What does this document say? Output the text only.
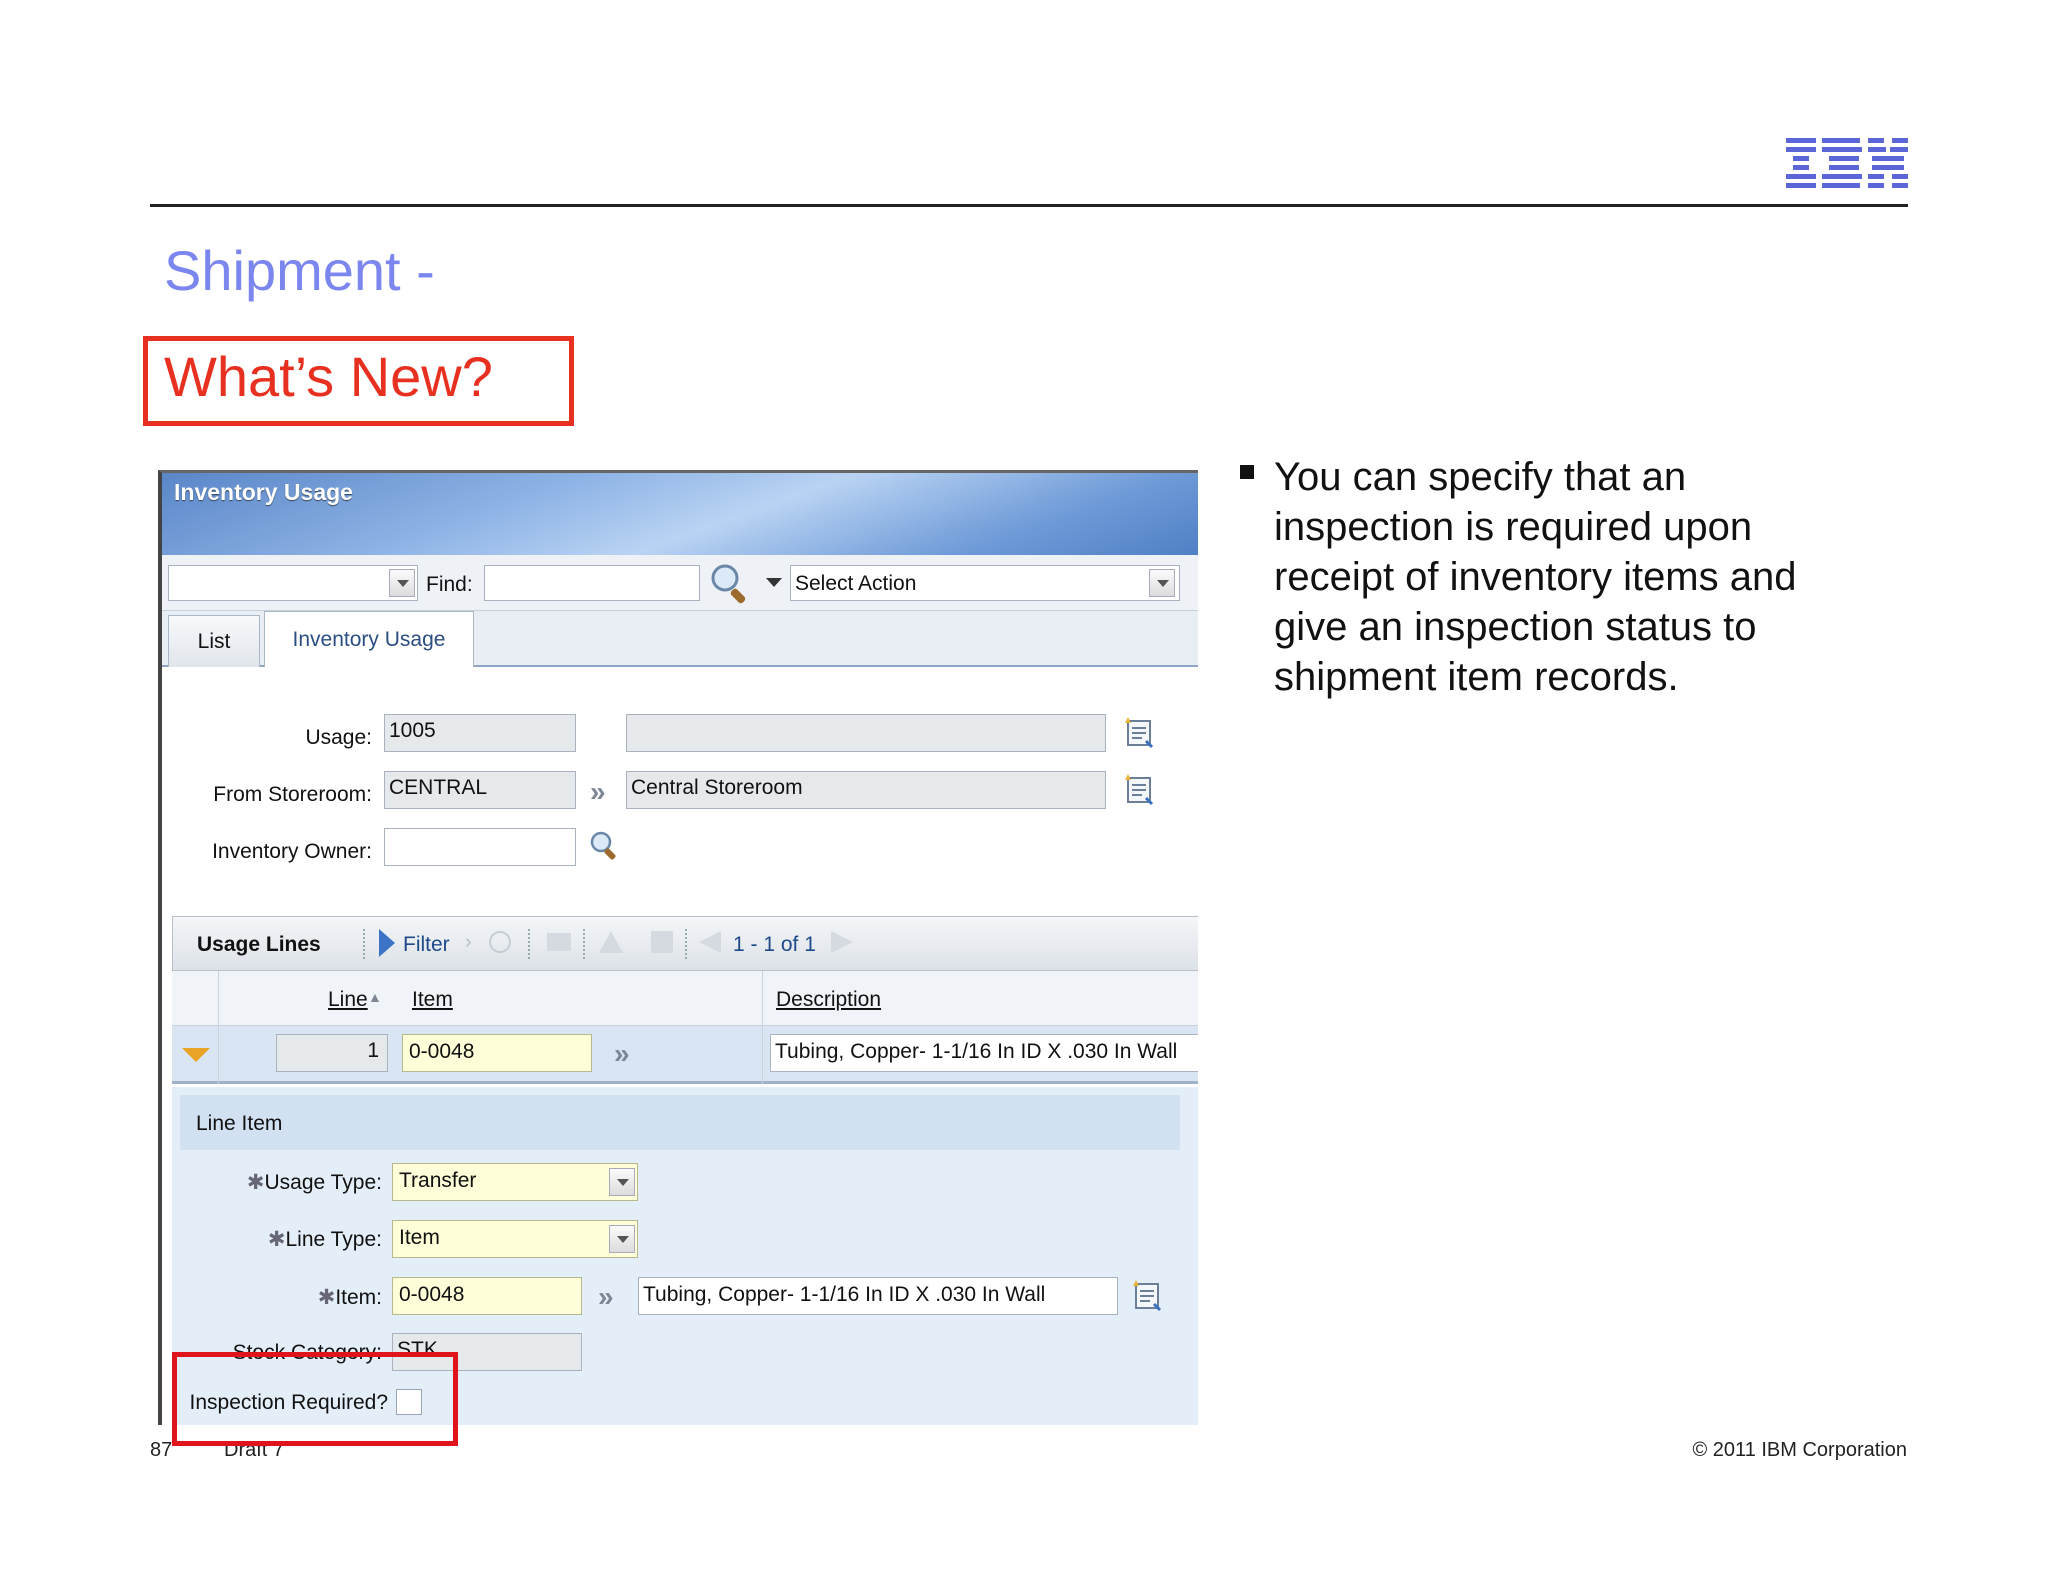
Shipment -
What’s New?
You can specify that an inspection is required upon receipt of inventory items and give an inspection status to shipment item records.
87	Draft 7	© 2011 IBM Corporation
Inventory Usage
Find:	Select Action
List	Inventory Usage
Usage: 1005
From Storeroom: CENTRAL	» Central Storeroom
Inventory Owner:
Usage Lines	Filter ›	1 - 1 of 1
Line ▲ Item	Description
1	0-0048	»	Tubing, Copper- 1-1/16 In ID X .030 In Wall
Line Item
✱Usage Type: Transfer
✱Line Type: Item
✱Item: 0-0048	» Tubing, Copper- 1-1/16 In ID X .030 In Wall
Stock Category: STK
Inspection Required?
